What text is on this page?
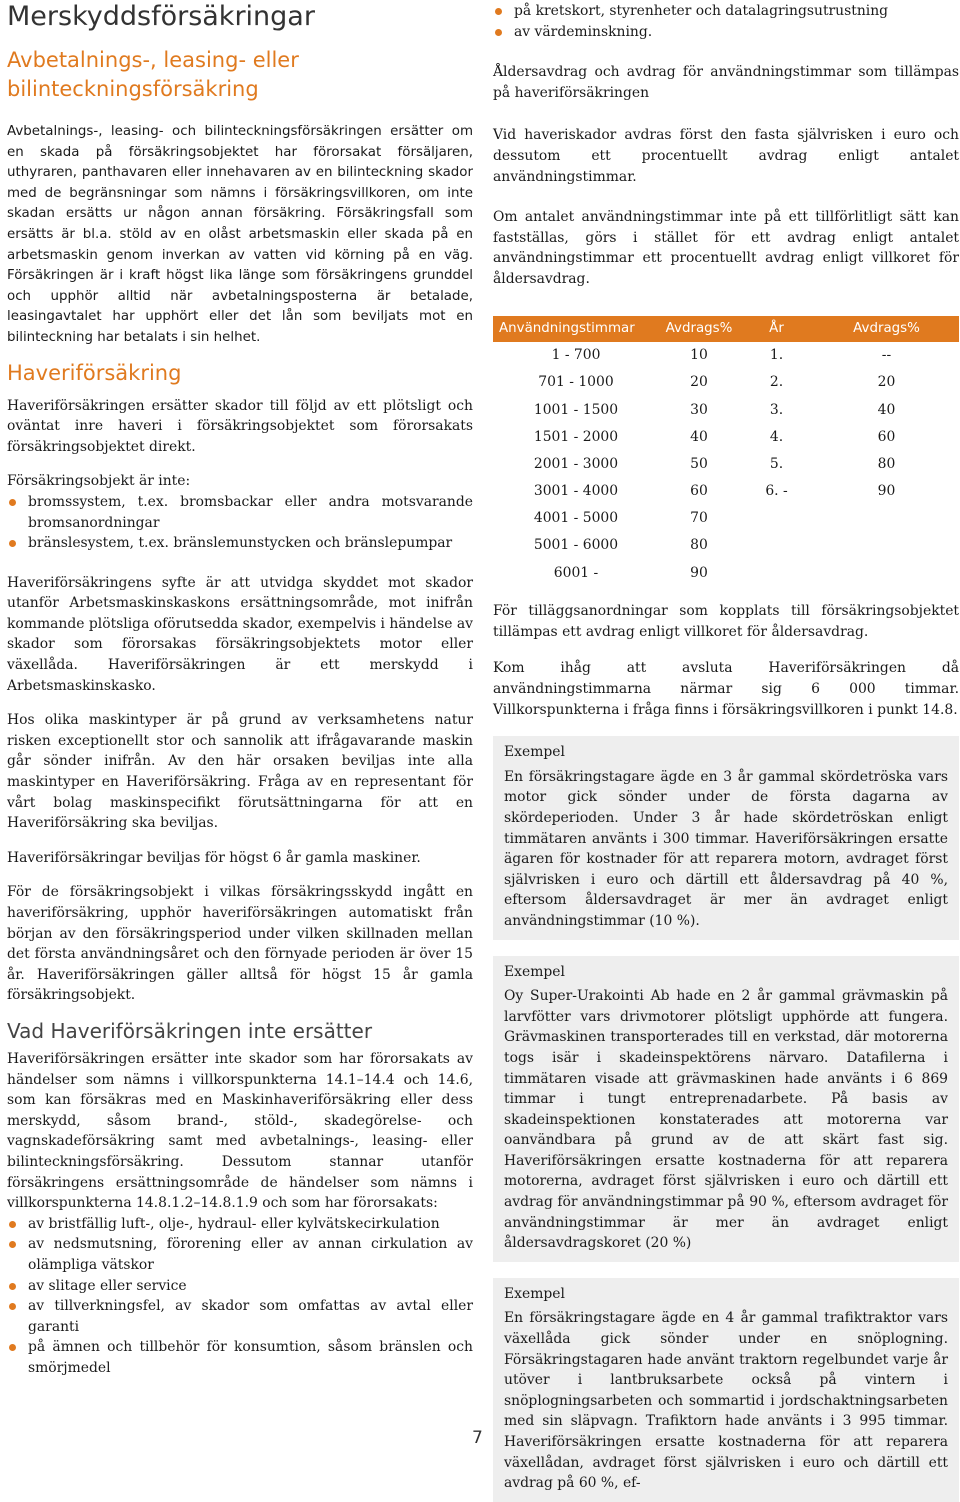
Merskyddsförsäkringar
Avbetalnings-, leasing- eller
bilinteckningsförsäkring

Avbetalnings-, leasing- och bilinteckningsförsäkringen ersätter om en skada på försäkringsobjektet har förorsakat försäljaren, uthyraren, panthavaren eller innehavaren av en bilinteckning skador med de begränsningar som nämns i försäkringsvillkoren, om inte skadan ersätts ur någon annan försäkring. Försäkringsfall som ersätts är bl.a. stöld av en olåst arbetsmaskin eller skada på en arbetsmaskin genom inverkan av vatten vid körning på en väg. Försäkringen är i kraft högst lika länge som försäkringens grunddel och upphör alltid när avbetalningsposterna är betalade, leasingavtalet har upphört eller det lån som beviljats mot en bilinteckning har betalats i sin helhet.

Haveriförsäkring

Haveriförsäkringen ersätter skador till följd av ett plötsligt och oväntat inre haveri i försäkringsobjektet som förorsakats försäkringsobjektet direkt.

Försäkringsobjekt är inte:

bromssystem, t.ex. bromsbackar eller andra motsvarande bromsanordningar
bränslesystem, t.ex. bränslemunstycken och bränslepumpar

Haveriförsäkringens syfte är att utvidga skyddet mot skador utanför Arbetsmaskinskaskons ersättningsområde, mot inifrån kommande plötsliga oförutsedda skador, exempelvis i händelse av skador som förorsakas försäkringsobjektets motor eller växellåda. Haveriförsäkringen är ett merskydd i Arbetsmaskinskasko.

Hos olika maskintyper är på grund av verksamhetens natur risken exceptionellt stor och sannolik att ifrågavarande maskin går sönder inifrån. Av den här orsaken beviljas inte alla maskintyper en Haveriförsäkring. Fråga av en representant för vårt bolag maskinspecifikt förutsättningarna för att en Haveriförsäkring ska beviljas.

Haveriförsäkringar beviljas för högst 6 år gamla maskiner.

För de försäkringsobjekt i vilkas försäkringsskydd ingått en haveriförsäkring, upphör haveriförsäkringen automatiskt från början av den försäkringsperiod under vilken skillnaden mellan det första användningsåret och den förnyade perioden är över 15 år. Haveriförsäkringen gäller alltså för högst 15 år gamla försäkringsobjekt.

Vad Haveriförsäkringen inte ersätter

Haveriförsäkringen ersätter inte skador som har förorsakats av händelser som nämns i villkorspunkterna 14.1–14.4 och 14.6, som kan försäkras med en Maskinhaveriförsäkring eller dess merskydd, såsom brand-, stöld-, skadegörelse- och vagnskadeförsäkring samt med avbetalnings-, leasing- eller bilinteckningsförsäkring. Dessutom stannar utanför försäkringens ersättningsområde de händelser som nämns i villkorspunkterna 14.8.1.2–14.8.1.9 och som har förorsakats:

av bristfällig luft-, olje-, hydraul- eller kylvätskecirkulation
av nedsmutsning, förorening eller av annan cirkulation av olämpliga vätskor
av slitage eller service
av tillverkningsfel, av skador som omfattas av avtal eller garanti
på ämnen och tillbehör för konsumtion, såsom bränslen och smörjmedel
på kretskort, styrenheter och datalagringsutrustning
av värdeminskning.

Åldersavdrag och avdrag för användningstimmar som tillämpas på haveriförsäkringen

Vid haveriskador avdras först den fasta självrisken i euro och dessutom ett procentuellt avdrag enligt antalet användningstimmar.

Om antalet användningstimmar inte på ett tillförlitligt sätt kan fastställas, görs i stället för ett avdrag enligt antalet användningstimmar ett procentuellt avdrag enligt villkoret för åldersavdrag.

Användningstimmar	Avdrags%	År	Avdrags%
1 - 700	10	1.	--
701 - 1000	20	2.	20
1001 - 1500	30	3.	40
1501 - 2000	40	4.	60
2001 - 3000	50	5.	80
3001 - 4000	60	6. -	90
4001 - 5000	70
5001 - 6000	80
6001 -	90

För tilläggsanordningar som kopplats till försäkringsobjektet tillämpas ett avdrag enligt villkoret för åldersavdrag.

Kom ihåg att avsluta Haveriförsäkringen då användningstimmarna närmar sig 6 000 timmar. Villkorspunkterna i fråga finns i försäkringsvillkoren i punkt 14.8.

Exempel

En försäkringstagare ägde en 3 år gammal skördetröska vars motor gick sönder under de första dagarna av skördeperioden. Under 3 år hade skördetröskan enligt timmätaren använts i 300 timmar. Haveriförsäkringen ersatte ägaren för kostnader för att reparera motorn, avdraget först självrisken i euro och därtill ett åldersavdrag på 40 %, eftersom åldersavdraget är mer än avdraget enligt användningstimmar (10 %).

Exempel

Oy Super-Urakointi Ab hade en 2 år gammal grävmaskin på larvfötter vars drivmotorer plötsligt upphörde att fungera. Grävmaskinen transporterades till en verkstad, där motorerna togs isär i skadeinspektörens närvaro. Datafilerna i timmätaren visade att grävmaskinen hade använts i 6 869 timmar i tungt entreprenadarbete. På basis av skadeinspektionen konstaterades att motorerna var oanvändbara på grund av de att skärt fast sig. Haveriförsäkringen ersatte kostnaderna för att reparera motorerna, avdraget först självrisken i euro och därtill ett avdrag för användningstimmar på 90 %, eftersom avdraget för användningstimmar är mer än avdraget enligt åldersavdragskoret (20 %)

Exempel

En försäkringstagare ägde en 4 år gammal trafiktraktor vars växellåda gick sönder under en snöplogning. Försäkringstagaren hade använt traktorn regelbundet varje år utöver i lantbruksarbete också på vintern i snöplogningsarbeten och sommartid i jordschaktningsarbeten med sin släpvagn. Trafiktorn hade använts i 3 995 timmar. Haveriförsäkringen ersatte kostnaderna för att reparera växellådan, avdraget först självrisken i euro och därtill ett avdrag på 60 %, ef-

7
